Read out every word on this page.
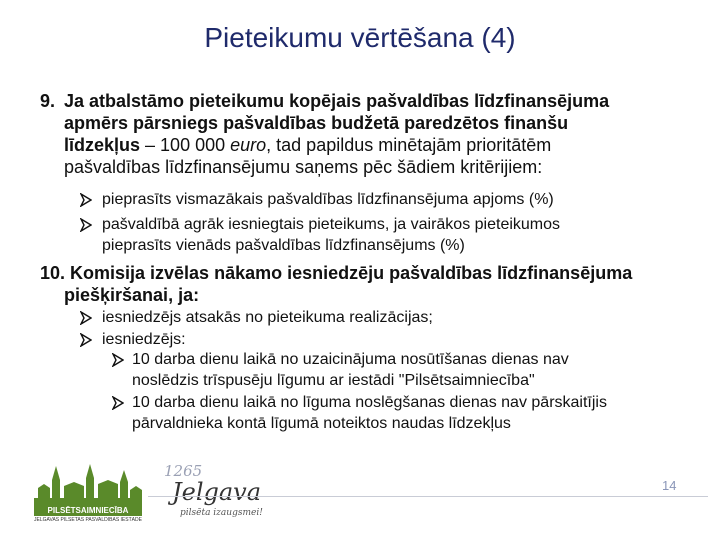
Pieteikumu vērtēšana (4)
9. Ja atbalstāmo pieteikumu kopējais pašvaldības līdzfinansējuma
apmērs pārsniegs pašvaldības budžetā paredzētos finanšu
līdzekļus – 100 000 euro, tad papildus minētajām prioritātēm
pašvaldības līdzfinansējumu saņems pēc šādiem kritērijiem:
pieprasīts vismazākais pašvaldības līdzfinansējuma apjoms (%)
pašvaldībā agrāk iesniegtais pieteikums, ja vairākos pieteikumos
pieprasīts vienāds pašvaldības līdzfinansējums (%)
10. Komisija izvēlas nākamo iesniedzēju pašvaldības līdzfinansējuma
piešķiršanai, ja:
iesniedzējs atsakās no pieteikuma realizācijas;
iesniedzējs:
10 darba dienu laikā no uzaicinājuma nosūtīšanas dienas nav
noslēdzis trīspusēju līgumu ar iestādi "Pilsētsaimniecība"
10 darba dienu laikā no līguma noslēgšanas dienas nav pārskaitījis
pārvaldnieka kontā līgumā noteiktos naudas līdzekļus
PILSĒTSAIMNIECĪBA
JELGAVAS PILSĒTAS PAŠVALDĪBAS IESTĀDE
1265
Jelgava
pilsēta izaugsmei!
14
